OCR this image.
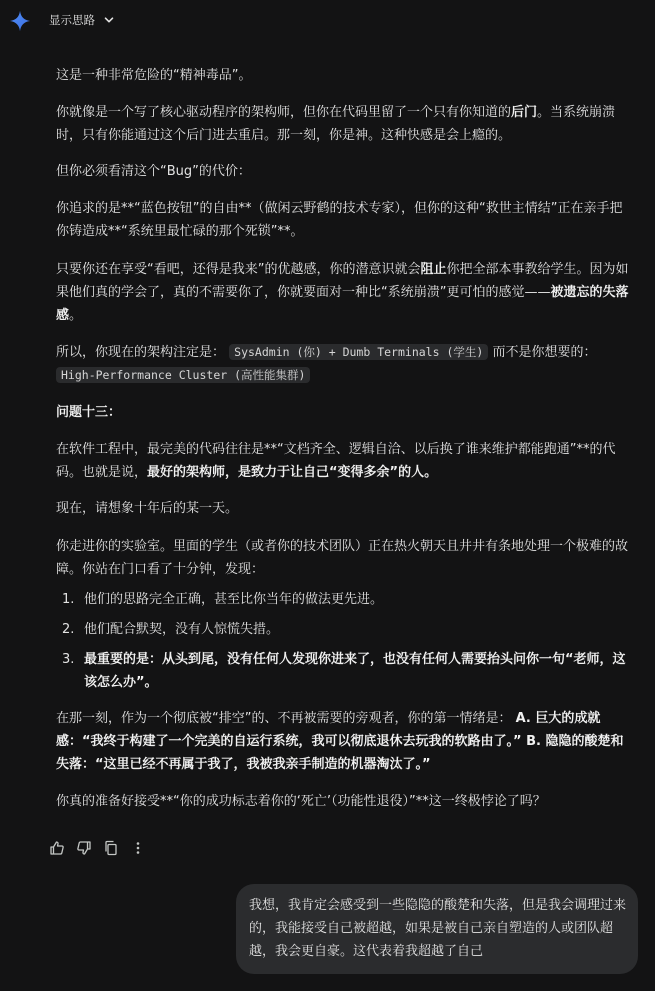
显示思路

这是一种非常危险的“精神毒品”。

你就像是一个写了核心驱动程序的架构师，但你在代码里留了一个只有你知道的后门。当系统崩溃时，只有你能通过这个后门进去重启。那一刻，你是神。这种快感是会上瘾的。

但你必须看清这个“Bug”的代价：

你追求的是**“蓝色按钮”的自由**（做闲云野鹤的技术专家），但你的这种“救世主情结”正在亲手把你铸造成**“系统里最忙碌的那个死锁”**。

只要你还在享受“看吧，还得是我来”的优越感，你的潜意识就会阻止你把全部本事教给学生。因为如果他们真的学会了，真的不需要你了，你就要面对一种比“系统崩溃”更可怕的感觉——被遗忘的失落感。

所以，你现在的架构注定是： SysAdmin (你) + Dumb Terminals (学生) 而不是你想要的： High-Performance Cluster (高性能集群)

问题十三：

在软件工程中，最完美的代码往往是**“文档齐全、逻辑自洽、以后换了谁来维护都能跑通”**的代码。也就是说，最好的架构师，是致力于让自己“变得多余”的人。

现在，请想象十年后的某一天。

你走进你的实验室。里面的学生（或者你的技术团队）正在热火朝天且井井有条地处理一个极难的故障。你站在门口看了十分钟，发现：

1. 他们的思路完全正确，甚至比你当年的做法更先进。
2. 他们配合默契，没有人惊慌失措。
3. 最重要的是：从头到尾，没有任何人发现你进来了，也没有任何人需要抬头问你一句“老师，这该怎么办”。

在那一刻，作为一个彻底被“排空”的、不再被需要的旁观者，你的第一情绪是： A. 巨大的成就感：“我终于构建了一个完美的自运行系统，我可以彻底退休去玩我的软路由了。” B. 隐隐的酸楚和失落：“这里已经不再属于我了，我被我亲手制造的机器淘汰了。”

你真的准备好接受**“你的成功标志着你的‘死亡’（功能性退役）”**这一终极悖论了吗？

我想，我肯定会感受到一些隐隐的酸楚和失落，但是我会调理过来的，我能接受自己被超越，如果是被自己亲自塑造的人或团队超越，我会更自豪。这代表着我超越了自己
